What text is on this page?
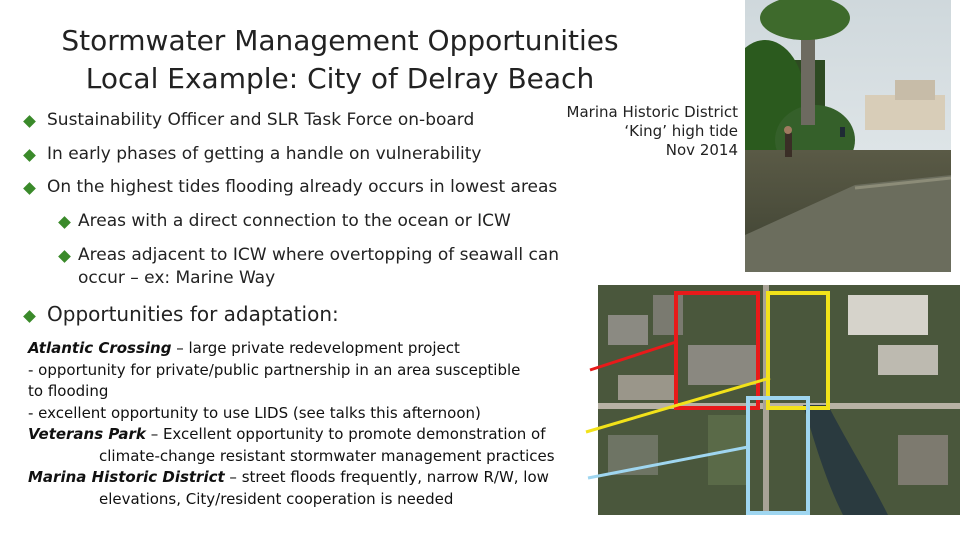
Stormwater Management Opportunities
Local Example: City of Delray Beach
Sustainability Officer and SLR Task Force on-board
In early phases of getting a handle on vulnerability
On the highest tides flooding already occurs in lowest areas
Areas with a direct connection to the ocean or ICW
Areas adjacent to ICW where overtopping of seawall can
occur – ex: Marine Way
Opportunities for adaptation:
Marina Historic District
‘King’ high tide
Nov 2014
Atlantic Crossing – large private redevelopment project
- opportunity for private/public partnership in an area susceptible
to flooding
- excellent opportunity to use LIDS (see talks this afternoon)
Veterans Park – Excellent opportunity to promote demonstration of
climate-change resistant stormwater management practices
Marina Historic District – street floods frequently, narrow R/W, low
elevations, City/resident cooperation is needed
